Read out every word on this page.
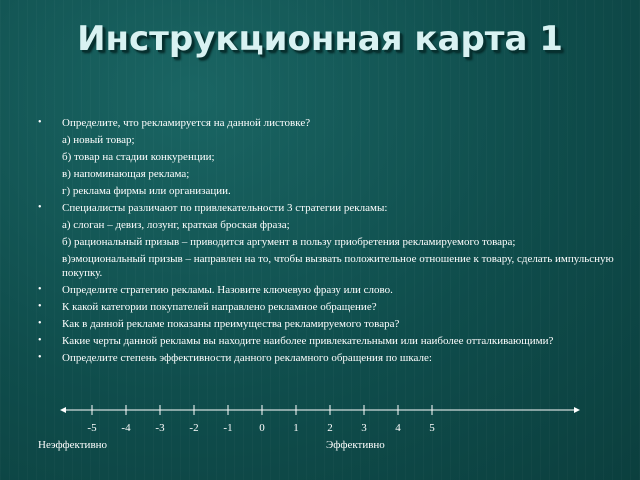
Инструкционная карта 1
•	Определите, что рекламируется на данной листовке?
а) новый товар;
б) товар на стадии конкуренции;
в) напоминающая реклама;
г) реклама фирмы или организации.
•	Специалисты различают по привлекательности 3 стратегии рекламы:
а) слоган – девиз, лозунг, краткая броская фраза;
б) рациональный призыв – приводится аргумент в пользу приобретения рекламируемого товара;
в)эмоциональный призыв – направлен на то, чтобы вызвать положительное отношение к товару, сделать импульсную покупку.
•	Определите стратегию рекламы. Назовите ключевую фразу или слово.
•	К какой категории покупателей направлено рекламное обращение?
•	Как в данной рекламе показаны преимущества рекламируемого товара?
•	Какие черты данной рекламы вы находите наиболее привлекательными или наиболее отталкивающими?
•	Определите степень эффективности данного рекламного обращения по шкале:
-5 -4 -3 -2 -1 0	1	2	3	4	5
Неэффективно	Эффективно
